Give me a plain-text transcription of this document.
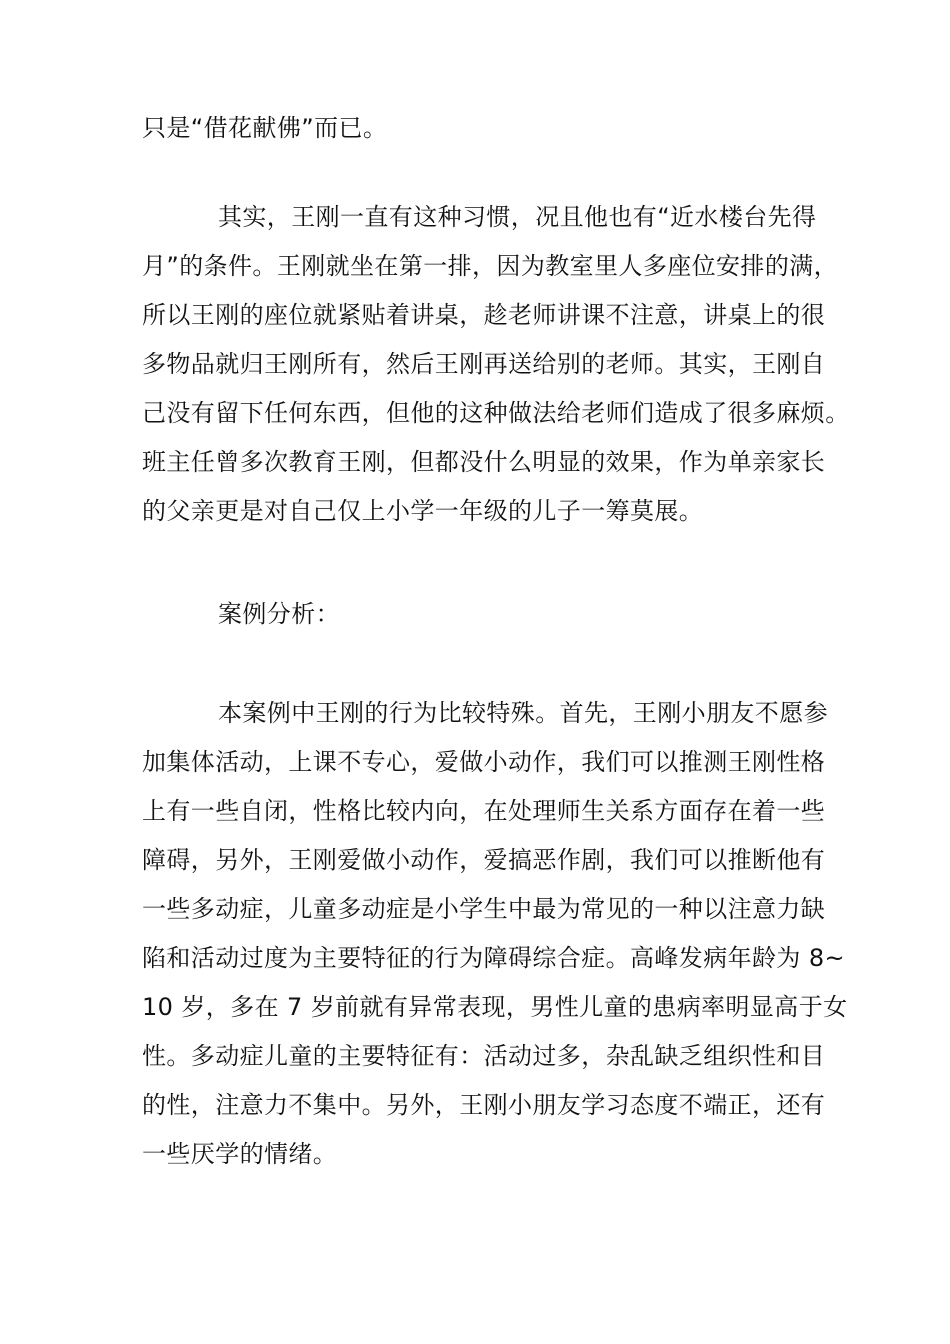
只是“借花献佛”而已。
其实，王刚一直有这种习惯，况且他也有“近水楼台先得
月”的条件。王刚就坐在第一排，因为教室里人多座位安排的满，
所以王刚的座位就紧贴着讲桌，趁老师讲课不注意，讲桌上的很
多物品就归王刚所有，然后王刚再送给别的老师。其实，王刚自
己没有留下任何东西，但他的这种做法给老师们造成了很多麻烦。
班主任曾多次教育王刚，但都没什么明显的效果，作为单亲家长
的父亲更是对自己仅上小学一年级的儿子一筹莫展。
案例分析：
本案例中王刚的行为比较特殊。首先，王刚小朋友不愿参
加集体活动，上课不专心，爱做小动作，我们可以推测王刚性格
上有一些自闭，性格比较内向，在处理师生关系方面存在着一些
障碍，另外，王刚爱做小动作，爱搞恶作剧，我们可以推断他有
一些多动症，儿童多动症是小学生中最为常见的一种以注意力缺
陷和活动过度为主要特征的行为障碍综合症。高峰发病年龄为 8~
10 岁，多在 7 岁前就有异常表现，男性儿童的患病率明显高于女
性。多动症儿童的主要特征有：活动过多，杂乱缺乏组织性和目
的性，注意力不集中。另外，王刚小朋友学习态度不端正，还有
一些厌学的情绪。
